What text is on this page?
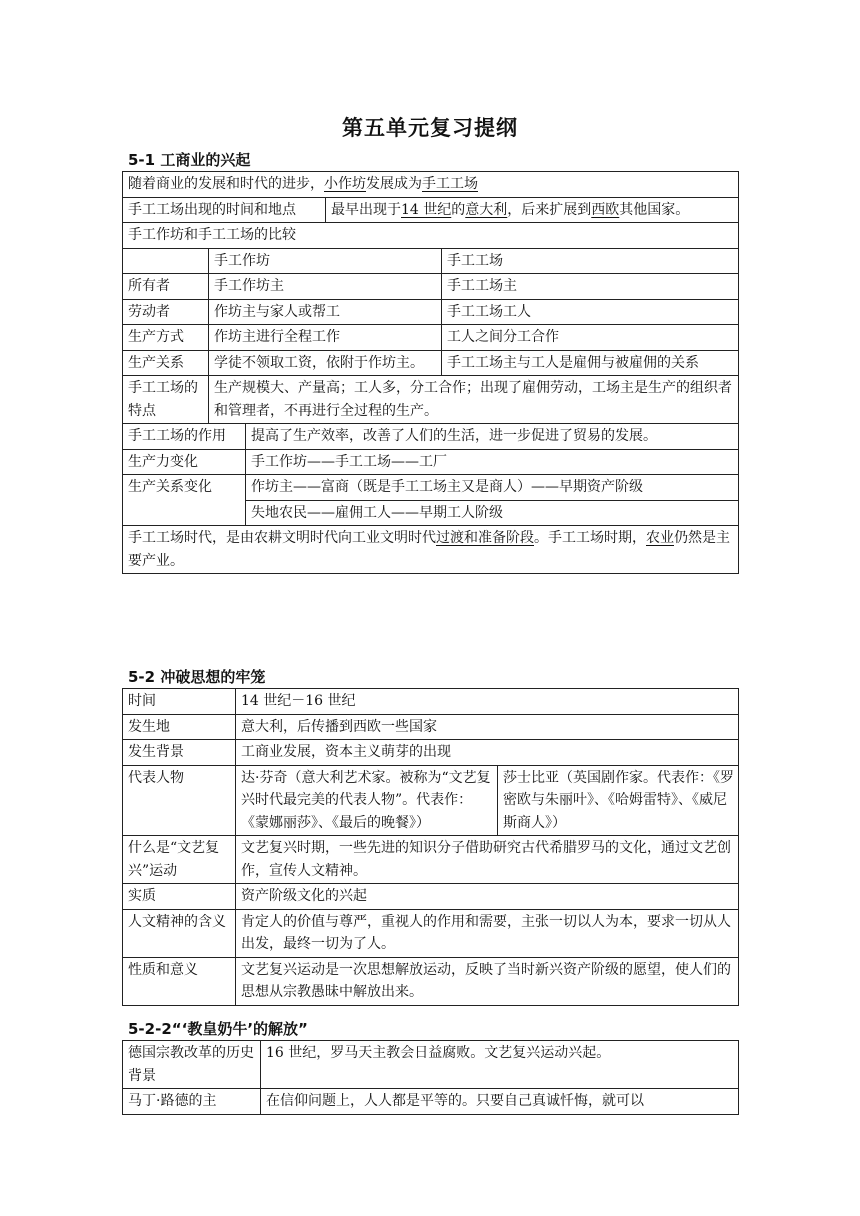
第五单元复习提纲
5-1 工商业的兴起
随着商业的发展和时代的进步，小作坊发展成为手工工场				
手工工场出现的时间和地点			最早出现于14 世纪的意大利，后来扩展到西欧其他国家。	
手工作坊和手工工场的比较				
	手工作坊			手工工场
所有者	手工作坊主			手工工场主
劳动者	作坊主与家人或帮工			手工工场工人
生产方式	作坊主进行全程工作			工人之间分工合作
生产关系	学徒不领取工资，依附于作坊主。			手工工场主与工人是雇佣与被雇佣的关系
手工工场的特点	生产规模大、产量高；工人多，分工合作；出现了雇佣劳动，工场主是生产的组织者和管理者，不再进行全过程的生产。			
手工工场的作用		提高了生产效率，改善了人们的生活，进一步促进了贸易的发展。		
生产力变化		手工作坊——手工工场——工厂		
生产关系变化		作坊主——富商（既是手工工场主又是商人）——早期资产阶级		
		失地农民——雇佣工人——早期工人阶级		
手工工场时代，是由农耕文明时代向工业文明时代过渡和准备阶段。手工工场时期，农业仍然是主要产业。				
5-2 冲破思想的牢笼
时间	14 世纪－16 世纪	
发生地	意大利，后传播到西欧一些国家	
发生背景	工商业发展，资本主义萌芽的出现	
代表人物	达·芬奇（意大利艺术家。被称为“文艺复兴时代最完美的代表人物”。代表作：《蒙娜丽莎》、《最后的晚餐》）	莎士比亚（英国剧作家。代表作：《罗密欧与朱丽叶》、《哈姆雷特》、《威尼斯商人》）
什么是“文艺复兴”运动	文艺复兴时期，一些先进的知识分子借助研究古代希腊罗马的文化，通过文艺创作，宣传人文精神。	
实质	资产阶级文化的兴起	
人文精神的含义	肯定人的价值与尊严，重视人的作用和需要，主张一切以人为本，要求一切从人出发，最终一切为了人。	
性质和意义	文艺复兴运动是一次思想解放运动，反映了当时新兴资产阶级的愿望，使人们的思想从宗教愚昧中解放出来。	
5-2-2“‘教皇奶牛’的解放”
德国宗教改革的历史背景	16 世纪，罗马天主教会日益腐败。文艺复兴运动兴起。
马丁·路德的主	在信仰问题上，人人都是平等的。只要自己真诚忏悔，就可以
